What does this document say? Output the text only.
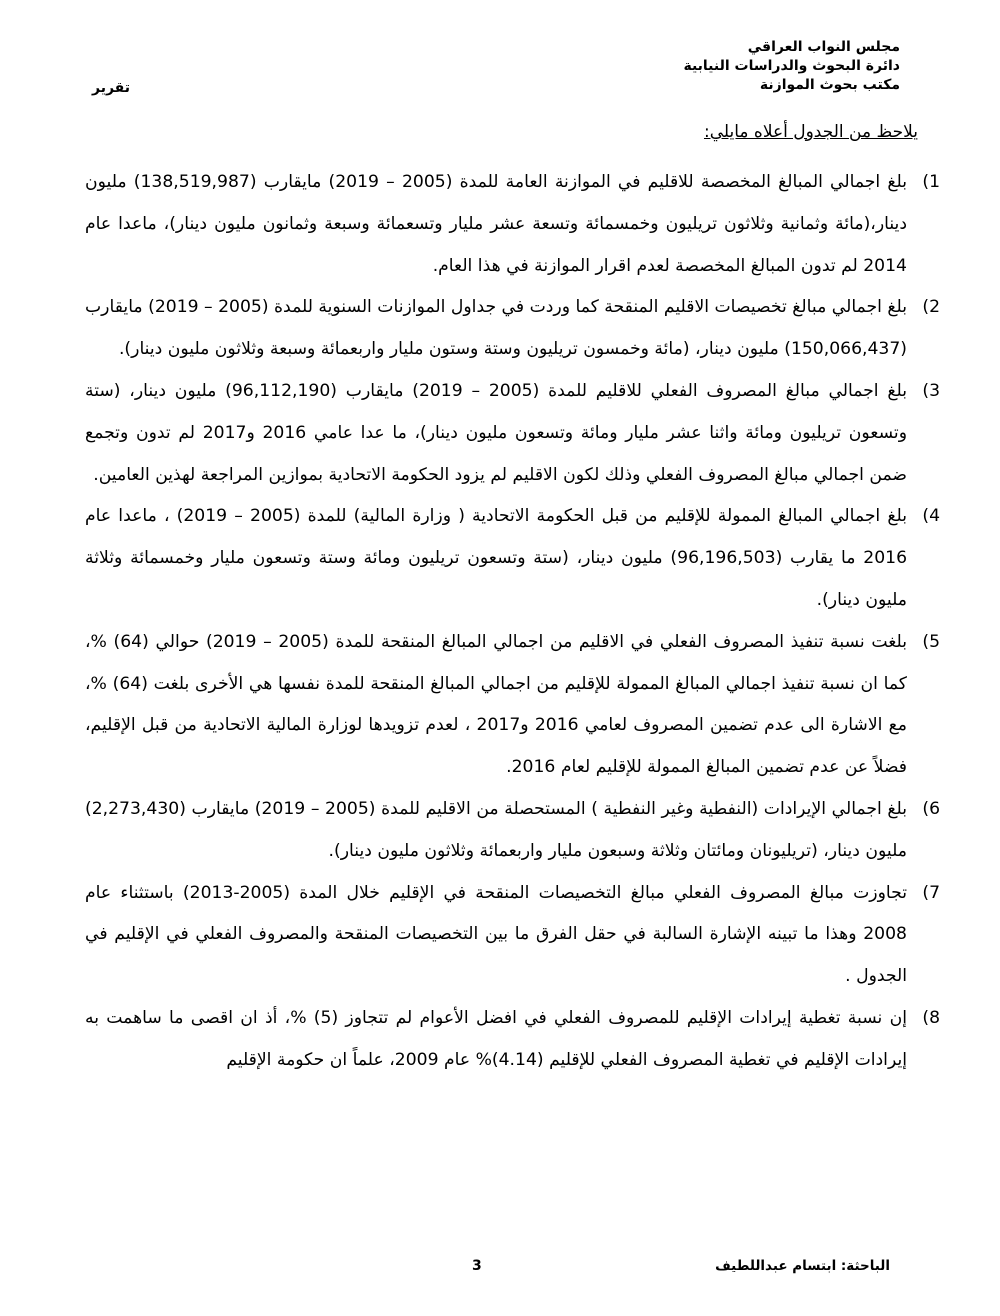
مجلس النواب العراقي
دائرة البحوث والدراسات النيابية
مكتب بحوث الموازنة
تقرير
يلاحظ من الجدول أعلاه مايلي:
1)
بلغ اجمالي المبالغ المخصصة للاقليم في الموازنة العامة للمدة (2005 – 2019) مايقارب (138,519,987) مليون دينار،(مائة وثمانية وثلاثون تريليون وخمسمائة وتسعة عشر مليار وتسعمائة وسبعة وثمانون مليون دينار)، ماعدا عام 2014 لم تدون المبالغ المخصصة لعدم اقرار الموازنة في هذا العام.
2)
بلغ اجمالي مبالغ تخصيصات الاقليم المنقحة كما وردت في جداول الموازنات السنوية للمدة (2005 – 2019) مايقارب (150,066,437) مليون دينار، (مائة وخمسون تريليون وستة وستون مليار واربعمائة وسبعة وثلاثون مليون دينار).
3)
بلغ اجمالي مبالغ المصروف الفعلي للاقليم للمدة (2005 – 2019) مايقارب (96,112,190) مليون دينار، (ستة وتسعون تريليون ومائة واثنا عشر مليار ومائة وتسعون مليون دينار)، ما عدا عامي 2016 و2017 لم تدون وتجمع ضمن اجمالي مبالغ المصروف الفعلي وذلك لكون الاقليم لم يزود الحكومة الاتحادية بموازين المراجعة لهذين العامين.
4)
بلغ اجمالي المبالغ الممولة للإقليم من قبل الحكومة الاتحادية ( وزارة المالية) للمدة (2005 – 2019) ، ماعدا عام 2016 ما يقارب (96,196,503) مليون دينار، (ستة وتسعون تريليون ومائة وستة وتسعون مليار وخمسمائة وثلاثة مليون دينار).
5)
بلغت نسبة تنفيذ المصروف الفعلي في الاقليم من اجمالي المبالغ المنقحة للمدة (2005 – 2019) حوالي (64) %، كما ان نسبة تنفيذ اجمالي المبالغ الممولة للإقليم من اجمالي المبالغ المنقحة للمدة نفسها هي الأخرى بلغت (64) %، مع الاشارة الى عدم تضمين المصروف لعامي 2016 و2017 ، لعدم تزويدها لوزارة المالية الاتحادية من قبل الإقليم، فضلاً عن عدم تضمين المبالغ الممولة للإقليم لعام 2016.
6)
بلغ اجمالي الإيرادات (النفطية وغير النفطية ) المستحصلة من الاقليم للمدة (2005 – 2019) مايقارب (2,273,430) مليون دينار، (تريليونان ومائتان وثلاثة وسبعون مليار واربعمائة وثلاثون مليون دينار).
7)
تجاوزت مبالغ المصروف الفعلي مبالغ التخصيصات المنقحة في الإقليم خلال المدة (2005-2013) باستثناء عام 2008 وهذا ما تبينه الإشارة السالبة في حقل الفرق ما بين التخصيصات المنقحة والمصروف الفعلي في الإقليم في الجدول .
8)
إن نسبة تغطية إيرادات الإقليم للمصروف الفعلي في افضل الأعوام لم تتجاوز (5) %، أذ ان اقصى ما ساهمت به إيرادات الإقليم في تغطية المصروف الفعلي للإقليم (4.14)% عام 2009، علماً ان حكومة الإقليم
الباحثة: ابتسام عبداللطيف
3
